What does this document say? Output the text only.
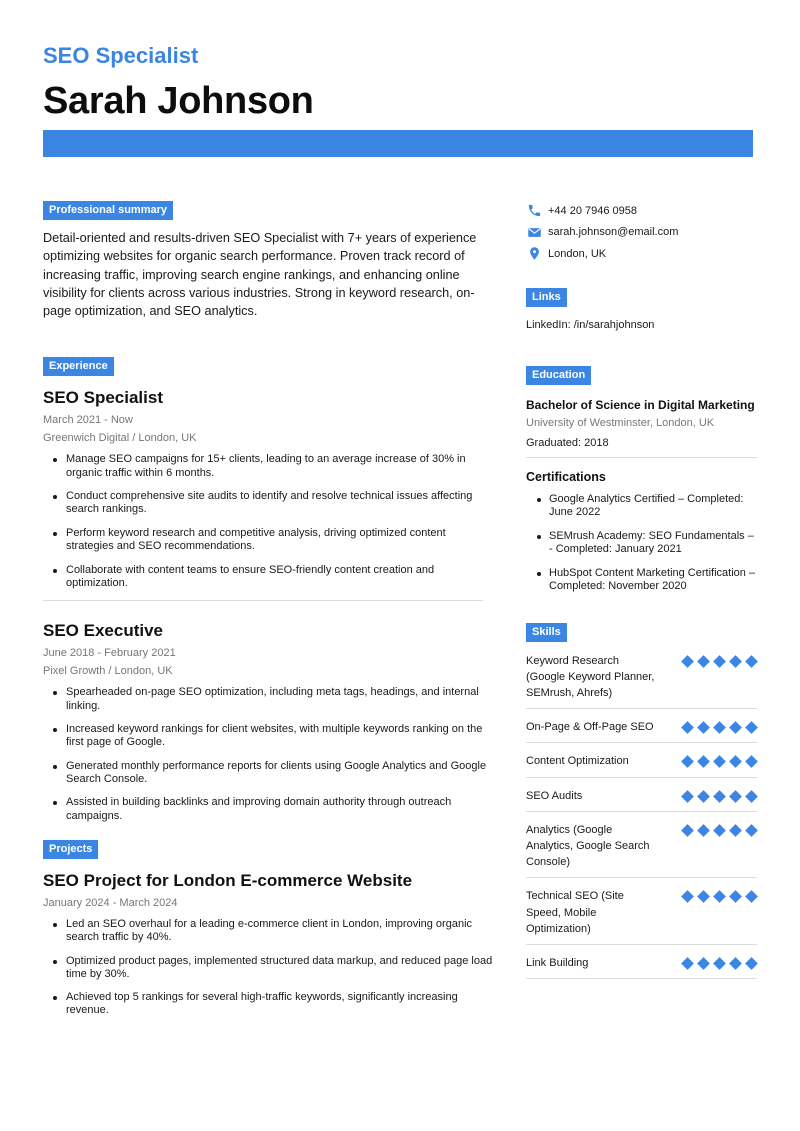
SEO Specialist
Sarah Johnson
Professional summary

Detail-oriented and results-driven SEO Specialist with 7+ years of experience optimizing websites for organic search performance. Proven track record of increasing traffic, improving search engine rankings, and enhancing online visibility for clients across various industries. Strong in keyword research, on-page optimization, and SEO analytics.

Experience
SEO Specialist
March 2021 - Now
Greenwich Digital / London, UK
Manage SEO campaigns for 15+ clients, leading to an average increase of 30% in organic traffic within 6 months.
Conduct comprehensive site audits to identify and resolve technical issues affecting search rankings.
Perform keyword research and competitive analysis, driving optimized content strategies and SEO recommendations.
Collaborate with content teams to ensure SEO-friendly content creation and optimization.
SEO Executive
June 2018 - February 2021
Pixel Growth / London, UK
Spearheaded on-page SEO optimization, including meta tags, headings, and internal linking.
Increased keyword rankings for client websites, with multiple keywords ranking on the first page of Google.
Generated monthly performance reports for clients using Google Analytics and Google Search Console.
Assisted in building backlinks and improving domain authority through outreach campaigns.
Projects
SEO Project for London E-commerce Website
January 2024 - March 2024
Led an SEO overhaul for a leading e-commerce client in London, improving organic search traffic by 40%.
Optimized product pages, implemented structured data markup, and reduced page load time by 30%.
Achieved top 5 rankings for several high-traffic keywords, significantly increasing revenue.
+44 20 7946 0958
sarah.johnson@email.com
London, UK
Links
LinkedIn: /in/sarahjohnson
Education
Bachelor of Science in Digital Marketing
University of Westminster, London, UK
Graduated: 2018
Certifications
Google Analytics Certified – Completed: June 2022
SEMrush Academy: SEO Fundamentals – - Completed: January 2021
HubSpot Content Marketing Certification – Completed: November 2020
Skills
Keyword Research (Google Keyword Planner, SEMrush, Ahrefs)
On-Page & Off-Page SEO
Content Optimization
SEO Audits
Analytics (Google Analytics, Google Search Console)
Technical SEO (Site Speed, Mobile Optimization)
Link Building
